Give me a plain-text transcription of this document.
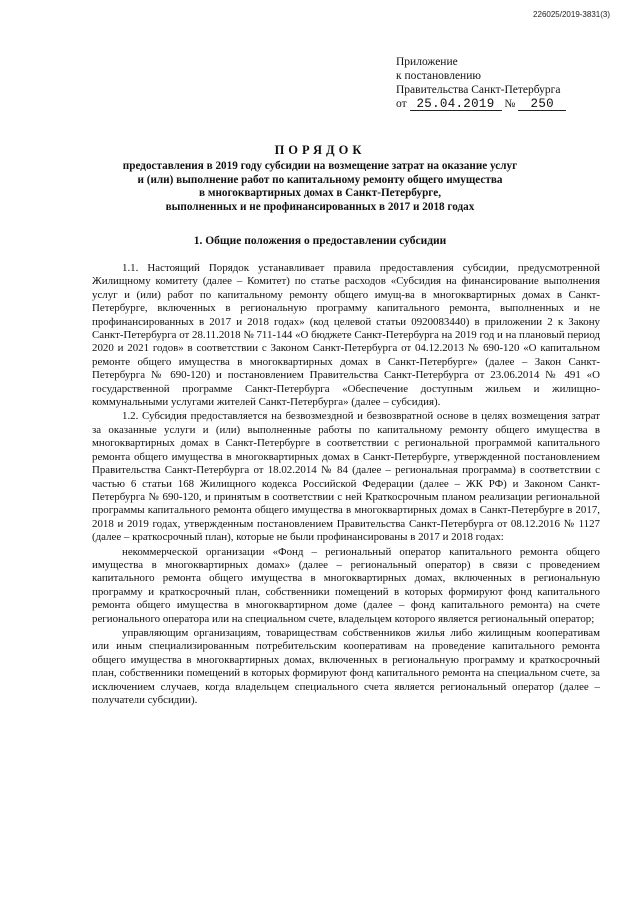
226025/2019-3831(3)
Приложение
к постановлению
Правительства Санкт-Петербурга
от 25.04.2019 № 250
ПОРЯДОК
предоставления в 2019 году субсидии на возмещение затрат на оказание услуг
и (или) выполнение работ по капитальному ремонту общего имущества
в многоквартирных домах в Санкт-Петербурге,
выполненных и не профинансированных в 2017 и 2018 годах
1. Общие положения о предоставлении субсидии

1.1. Настоящий Порядок устанавливает правила предоставления субсидии, предусмотренной Жилищному комитету (далее – Комитет) по статье расходов «Субсидия на финансирование выполнения услуг и (или) работ по капитальному ремонту общего имущ-ва в многоквартирных домах в Санкт-Петербурге, включенных в региональную программу капитального ремонта, выполненных и не профинансированных в 2017 и 2018 годах» (код целевой статьи 0920083440) в приложении 2 к Закону Санкт-Петербурга от 28.11.2018 № 711-144 «О бюджете Санкт-Петербурга на 2019 год и на плановый период 2020 и 2021 годов» в соответствии с Законом Санкт-Петербурга от 04.12.2013 № 690-120 «О капитальном ремонте общего имущества в многоквартирных домах в Санкт-Петербурге» (далее – Закон Санкт-Петербурга № 690-120) и постановлением Правительства Санкт-Петербурга от 23.06.2014 № 491 «О государственной программе Санкт-Петербурга «Обеспечение доступным жильем и жилищно-коммунальными услугами жителей Санкт-Петербурга» (далее – субсидия).

1.2. Субсидия предоставляется на безвозмездной и безвозвратной основе в целях возмещения затрат за оказанные услуги и (или) выполненные работы по капитальному ремонту общего имущества в многоквартирных домах в Санкт-Петербурге в соответствии с региональной программой капитального ремонта общего имущества в многоквартирных домах в Санкт-Петербурге, утвержденной постановлением Правительства Санкт-Петербурга от 18.02.2014 № 84 (далее – региональная программа) в соответствии с частью 6 статьи 168 Жилищного кодекса Российской Федерации (далее – ЖК РФ) и Законом Санкт-Петербурга № 690-120, и принятым в соответствии с ней Краткосрочным планом реализации региональной программы капитального ремонта общего имущества в многоквартирных домах в Санкт-Петербурге в 2017, 2018 и 2019 годах, утвержденным постановлением Правительства Санкт-Петербурга от 08.12.2016 № 1127 (далее – краткосрочный план), которые не были профинансированы в 2017 и 2018 годах:

некоммерческой организации «Фонд – региональный оператор капитального ремонта общего имущества в многоквартирных домах» (далее – региональный оператор) в связи с проведением капитального ремонта общего имущества в многоквартирных домах, включенных в региональную программу и краткосрочный план, собственники помещений в которых формируют фонд капитального ремонта общего имущества в многоквартирном доме (далее – фонд капитального ремонта) на счете регионального оператора или на специальном счете, владельцем которого является региональный оператор;

управляющим организациям, товариществам собственников жилья либо жилищным кооперативам или иным специализированным потребительским кооперативам на проведение капитального ремонта общего имущества в многоквартирных домах, включенных в региональную программу и краткосрочный план, собственники помещений в которых формируют фонд капитального ремонта на специальном счете, за исключением случаев, когда владельцем специального счета является региональный оператор (далее – получатели субсидии).
